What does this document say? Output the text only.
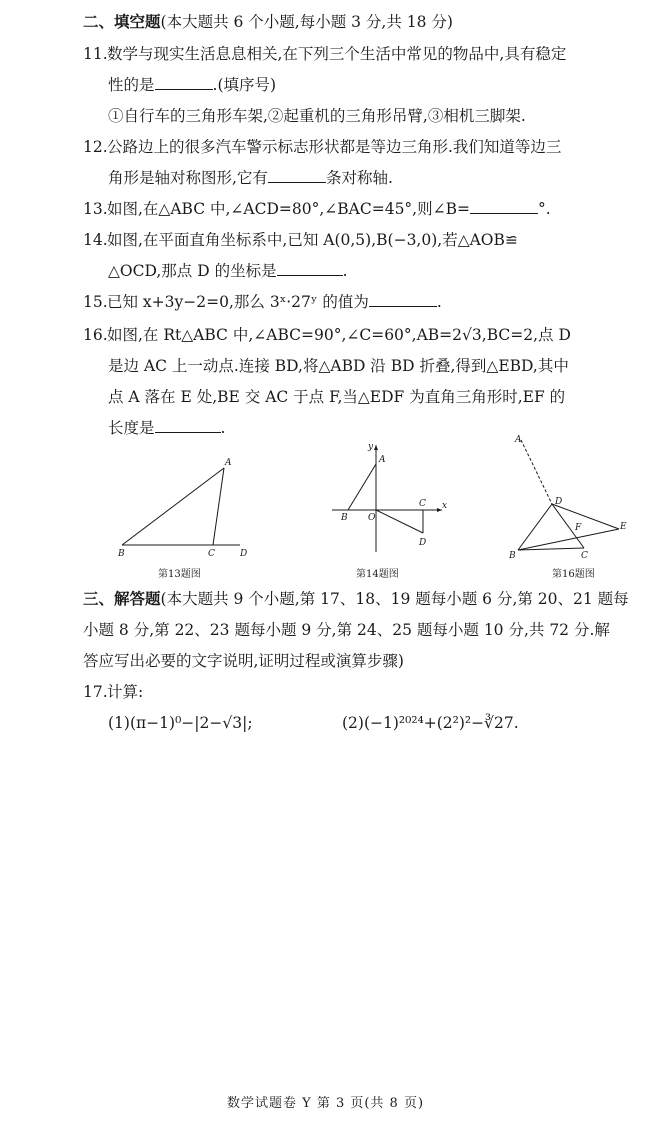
二、填空题(本大题共 6 个小题,每小题 3 分,共 18 分)
11.数学与现实生活息息相关,在下列三个生活中常见的物品中,具有稳定
性的是	.(填序号)
①自行车的三角形车架,②起重机的三角形吊臂,③相机三脚架.
12.公路边上的很多汽车警示标志形状都是等边三角形.我们知道等边三
角形是轴对称图形,它有	条对称轴.
13.如图,在△ABC 中,∠ACD=80°,∠BAC=45°,则∠B=	°.
14.如图,在平面直角坐标系中,已知 A(0,5),B(−3,0),若△AOB≌
△OCD,那点 D 的坐标是	.
15.已知 x+3y−2=0,那么 3ˣ·27ʸ 的值为	.
16.如图,在 Rt△ABC 中,∠ABC=90°,∠C=60°,AB=2√3,BC=2,点 D
是边 AC 上一动点.连接 BD,将△ABD 沿 BD 折叠,得到△EBD,其中
点 A 落在 E 处,BE 交 AC 于点 F,当△EDF 为直角三角形时,EF 的
长度是	.
A
B	C	D
第13题图
y
A
B O
C x
D
第14题图
A
D
F	E
B	C
第16题图
三、解答题(本大题共 9 个小题,第 17、18、19 题每小题 6 分,第 20、21 题每
小题 8 分,第 22、23 题每小题 9 分,第 24、25 题每小题 10 分,共 72 分.解
答应写出必要的文字说明,证明过程或演算步骤)
17.计算:
(1)(π−1)⁰−|2−√3|;	(2)(−1)²⁰²⁴+(2²)²−∛27.
数学试题卷 Y 第 3 页(共 8 页)
